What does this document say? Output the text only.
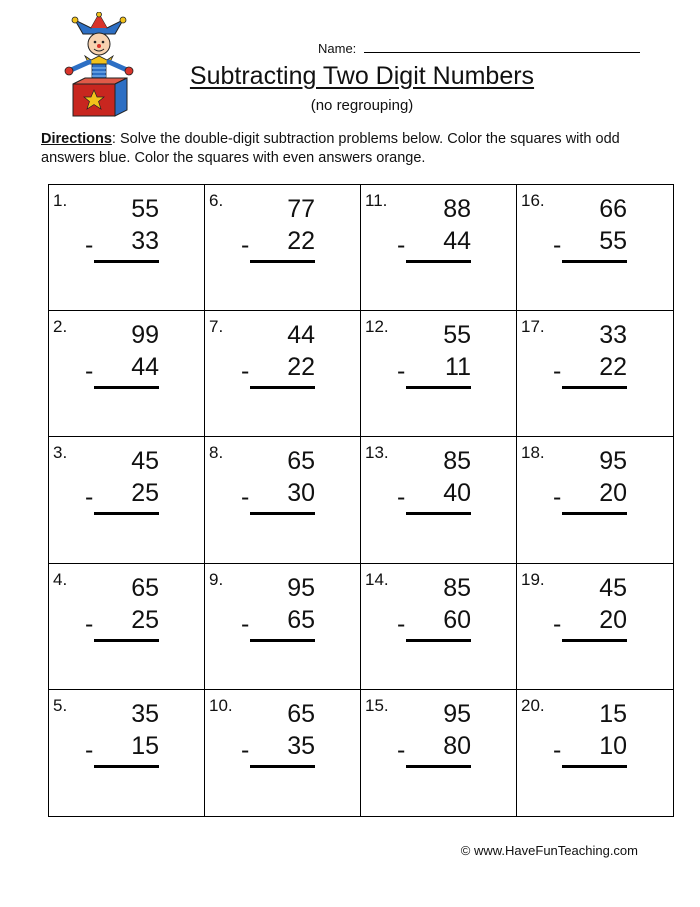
Name:
Subtracting Two Digit Numbers
(no regrouping)
Directions: Solve the double-digit subtraction problems below. Color the squares with odd answers blue. Color the squares with even answers orange.
1.	55
-	33
6.	77
-	22
11.	88
-	44
16.	66
-	55
2.	99
-	44
7.	44
-	22
12.	55
-	11
17.	33
-	22
3.	45
-	25
8.	65
-	30
13.	85
-	40
18.	95
-	20
4.	65
-	25
9.	95
-	65
14.	85
-	60
19.	45
-	20
5.	35
-	15
10.	65
-	35
15.	95
-	80
20.	15
-	10
© www.HaveFunTeaching.com
